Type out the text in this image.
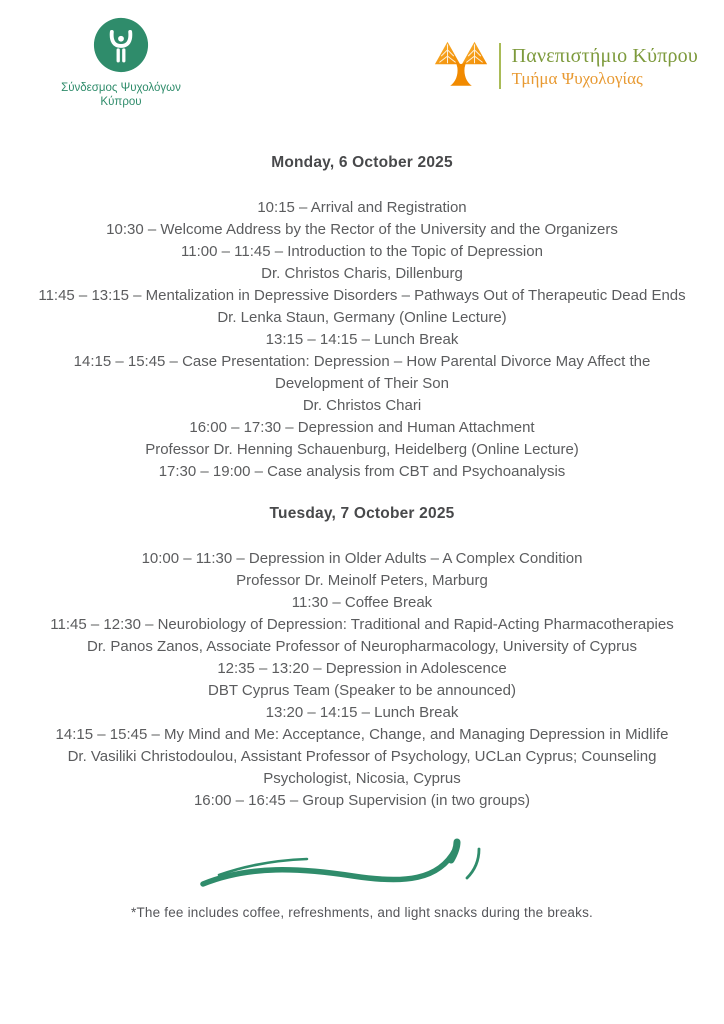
Σύνδεσμος Ψυχολόγων
Κύπρου
Πανεπιστήμιο Κύπρου
Τμήμα Ψυχολογίας
Monday, 6 October 2025

10:15 – Arrival and Registration

10:30 – Welcome Address by the Rector of the University and the Organizers

11:00 – 11:45 – Introduction to the Topic of Depression

Dr. Christos Charis, Dillenburg

11:45 – 13:15 – Mentalization in Depressive Disorders – Pathways Out of Therapeutic Dead Ends

Dr. Lenka Staun, Germany (Online Lecture)

13:15 – 14:15 – Lunch Break

14:15 – 15:45 – Case Presentation: Depression – How Parental Divorce May Affect the Development of Their Son

Dr. Christos Chari

16:00 – 17:30 – Depression and Human Attachment

Professor Dr. Henning Schauenburg, Heidelberg (Online Lecture)

17:30 – 19:00 – Case analysis from CBT and Psychoanalysis

Tuesday, 7 October 2025

10:00 – 11:30 – Depression in Older Adults – A Complex Condition

Professor Dr. Meinolf Peters, Marburg

11:30 – Coffee Break

11:45 – 12:30 – Neurobiology of Depression: Traditional and Rapid-Acting Pharmacotherapies

Dr. Panos Zanos, Associate Professor of Neuropharmacology, University of Cyprus

12:35 – 13:20 – Depression in Adolescence

DBT Cyprus Team (Speaker to be announced)

13:20 – 14:15 – Lunch Break

14:15 – 15:45 – My Mind and Me: Acceptance, Change, and Managing Depression in Midlife

Dr. Vasiliki Christodoulou, Assistant Professor of Psychology, UCLan Cyprus; Counseling Psychologist, Nicosia, Cyprus

16:00 – 16:45 – Group Supervision (in two groups)

*The fee includes coffee, refreshments, and light snacks during the breaks.
